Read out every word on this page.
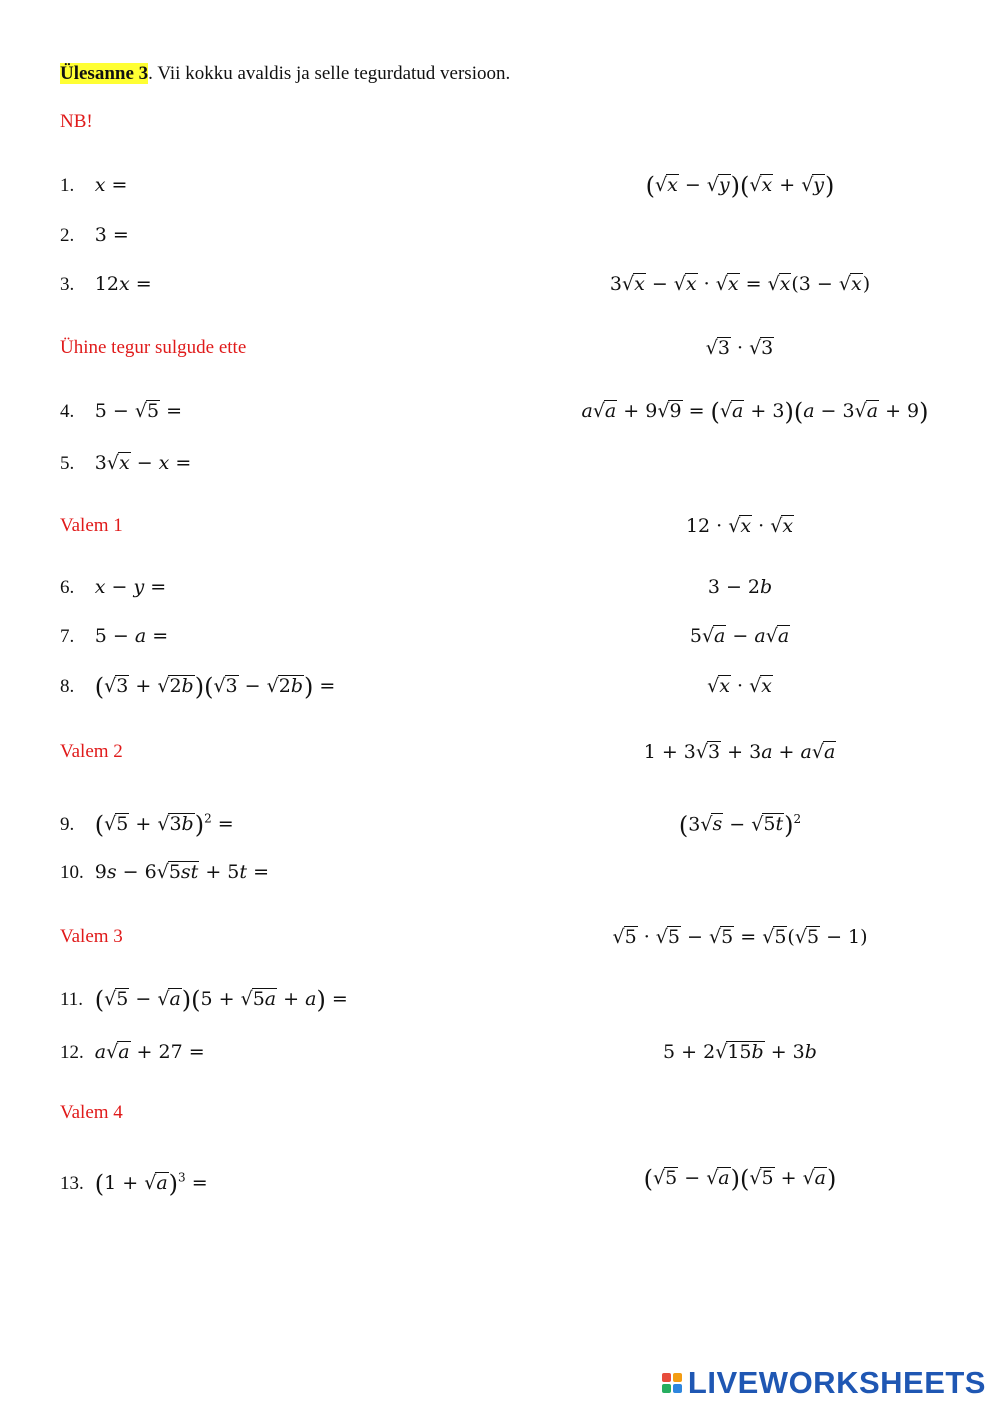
Ülesanne 3. Vii kokku avaldis ja selle tegurdatud versioon.
NB!
1. x =
2. 3 =
3. 12x =
Ühine tegur sulgude ette
4. 5 − √5 =
5. 3√x − x =
Valem 1
6. x − y =
7. 5 − a =
8. (√3 + √2b)(√3 − √2b) =
Valem 2
9. $(√5 + √3b)^2$ =
10. 9s − 6√5st + 5t =
Valem 3
11. (√5 − √a)(5 + √5a + a) =
12. a√a + 27 =
Valem 4
13. $(1 + √a)^3$ =
(√x − √y)(√x + √y)
3√x − √x · √x = √x(3 − √x)
√3 · √3
a√a + 9√9 = (√a + 3)(a − 3√a + 9)
12 · √x · √x
3 − 2b
5√a − a√a
√x · √x
1 + 3√3 + 3a + a√a
$(3√s - √5t)^2$
√5 · √5 − √5 = √5(√5 − 1)
5 + 2√15b + 3b
(√5 − √a)(√5 + √a)
LIVEWORKSHEETS
